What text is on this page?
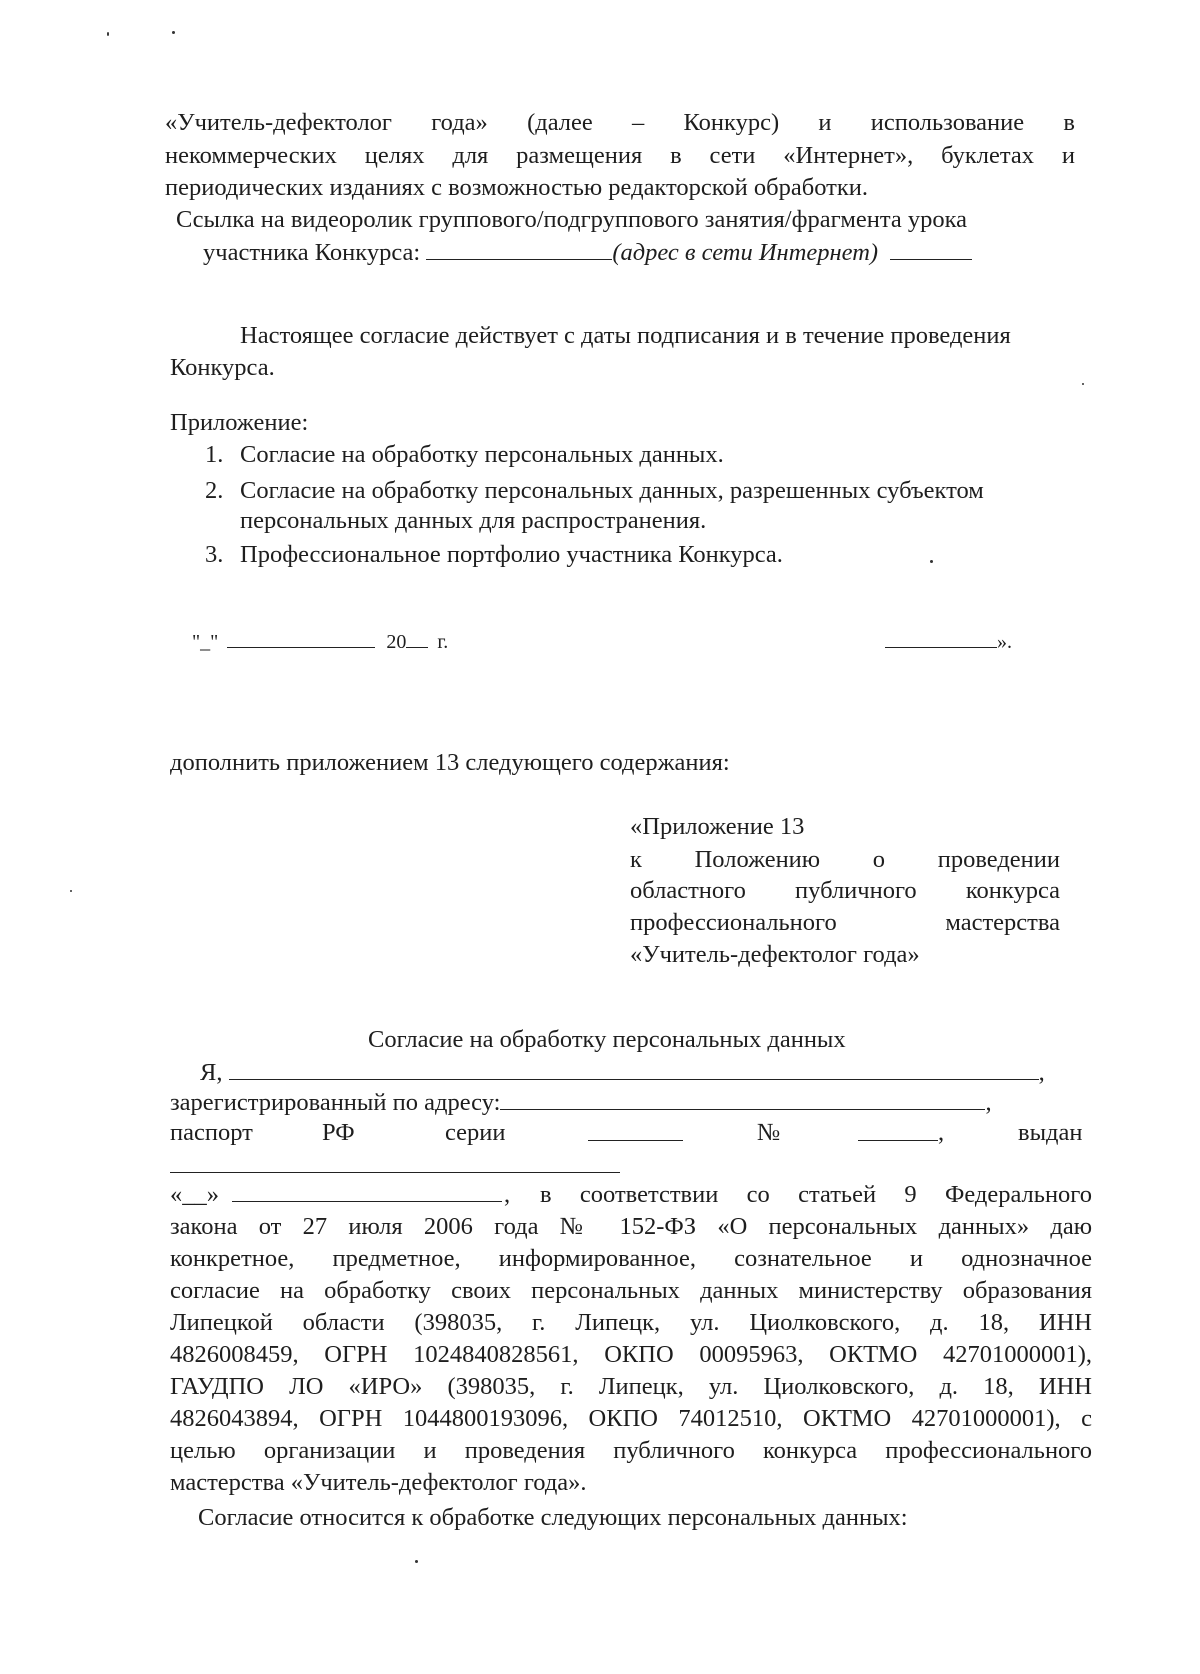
«Учитель-дефектолог года» (далее – Конкурс) и использование в
некоммерческих целях для размещения в сети «Интернет», буклетах и
периодических изданиях с возможностью редакторской обработки.
Ссылка на видеоролик группового/подгруппового занятия/фрагмента урока
участника Конкурса:	(адрес в сети Интернет)
Настоящее согласие действует с даты подписания и в течение проведения
Конкурса.
Приложение:
1. Согласие на обработку персональных данных.
2. Согласие на обработку персональных данных, разрешенных субъектом
персональных данных для распространения.
3. Профессиональное портфолио участника Конкурса.
"_"	20 г.	».
дополнить приложением 13 следующего содержания:
«Приложение 13
к Положению о проведении
областного публичного конкурса
профессионального мастерства
«Учитель-дефектолог года»
Согласие на обработку персональных данных
Я,	,
зарегистрированный по адресу:	,
паспорт	РФ	серии	№	,	выдан
«__»	, в соответствии со статьей 9 Федерального
закона от 27 июля 2006 года № 152-ФЗ «О персональных данных» даю
конкретное, предметное, информированное, сознательное и однозначное
согласие на обработку своих персональных данных министерству образования
Липецкой области (398035, г. Липецк, ул. Циолковского, д. 18, ИНН
4826008459, ОГРН 1024840828561, ОКПО 00095963, ОКТМО 42701000001),
ГАУДПО ЛО «ИРО» (398035, г. Липецк, ул. Циолковского, д. 18, ИНН
4826043894, ОГРН 1044800193096, ОКПО 74012510, ОКТМО 42701000001), с
целью организации и проведения публичного конкурса профессионального
мастерства «Учитель-дефектолог года».
Согласие относится к обработке следующих персональных данных:
